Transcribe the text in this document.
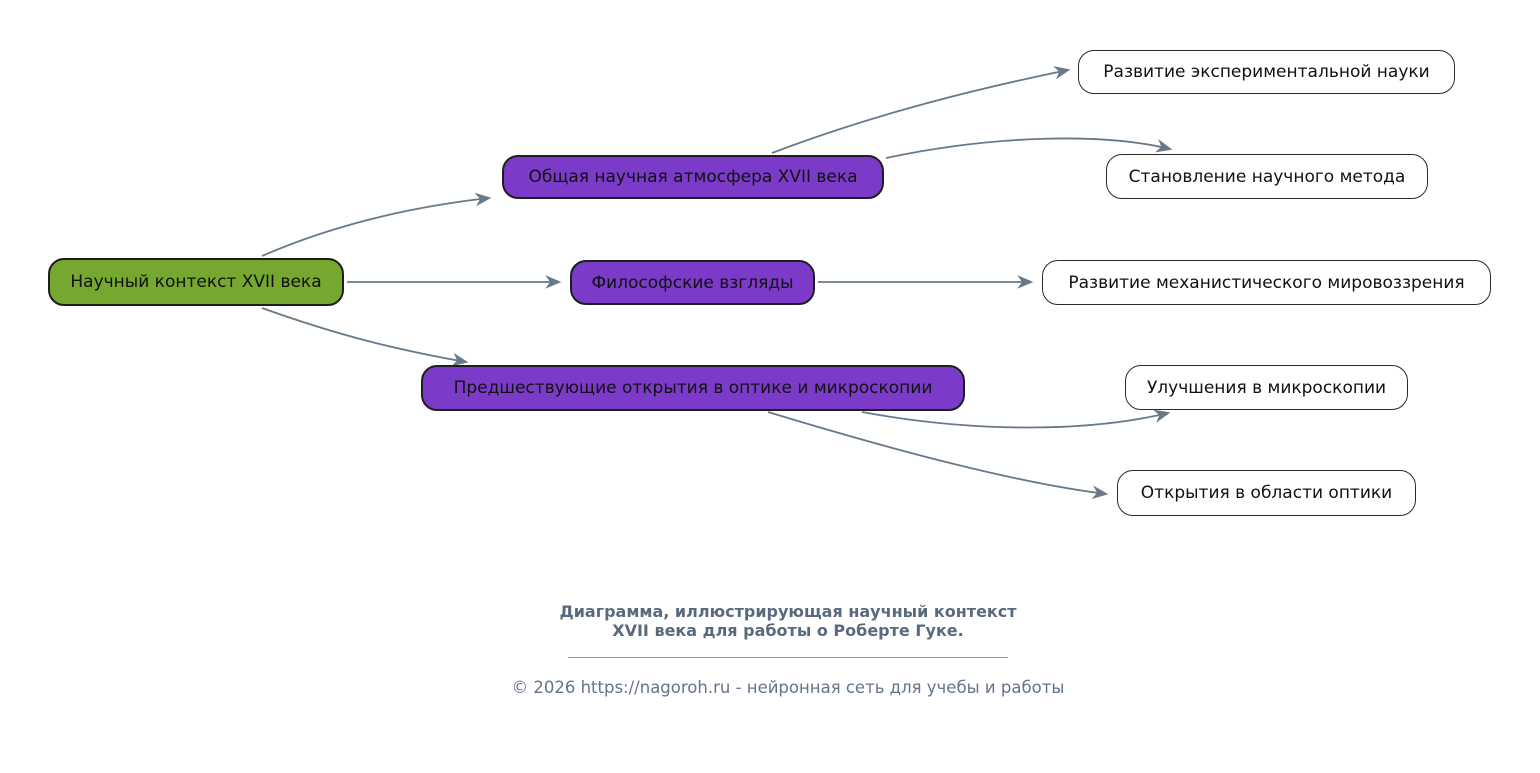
Научный контекст XVII века
Общая научная атмосфера XVII века
Философские взгляды
Предшествующие открытия в оптике и микроскопии
Развитие экспериментальной науки
Становление научного метода
Развитие механистического мировоззрения
Улучшения в микроскопии
Открытия в области оптики
Диаграмма, иллюстрирующая научный контекст
XVII века для работы о Роберте Гуке.
© 2026 https://nagoroh.ru - нейронная сеть для учебы и работы
